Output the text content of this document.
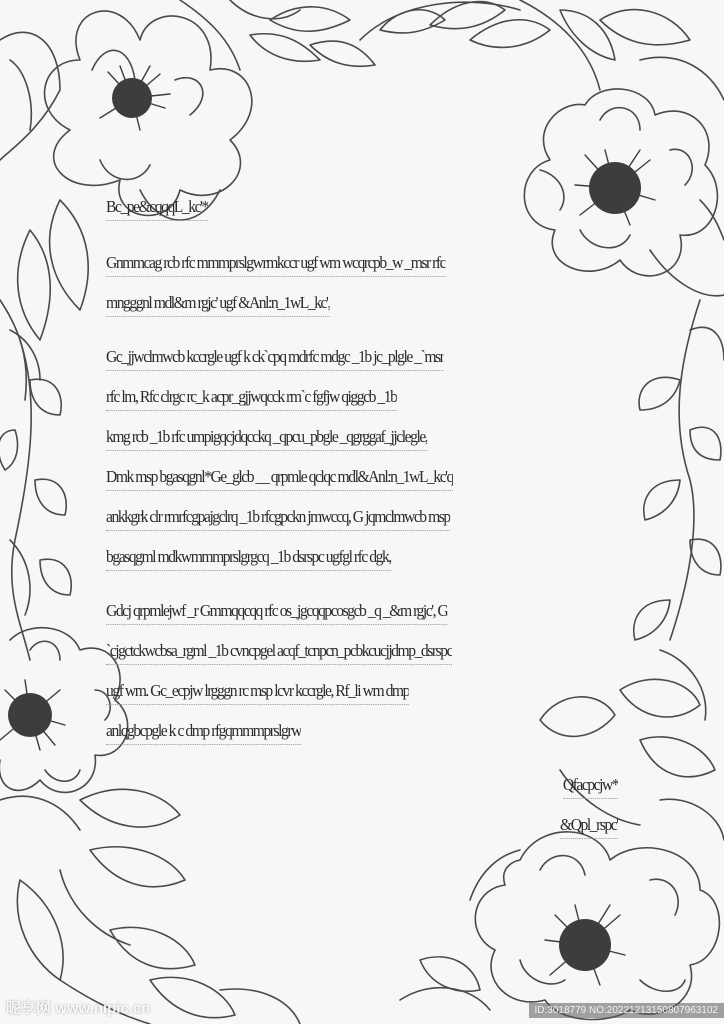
Bc_pe&cqqqL_kc'*
Gnmmcag rcb rfc mmmprslgwrmkccr ugf wm wcqrcpb_w _msr rfc
mngggnl mdl&m rgjc' ugf &Anl:n_1wL_kc',
Gc_jjwclmwcb kccrgle ugf k ck`cpq mdrfc mdgc _1b jc_plgle _`msr
rfc lm, Rfc clrgc rc_k acpr_gjjwqcck rm`c fgfjw qiggcb _1b
kmg rcb _1b rfc umpigqcjdqcckq _qpcu_pbgle _qgrggaf_jjclegle,
Dmk msp bgasqgnl*Ge_glcb __ qrpmle qclqc mdl&Anl:n_1wL_kc'q
ankkgrk clr rmrfcgpajgclrq _1b rfcgpckn jmwccq, G jqmclmwcb msp
bgasqgml mdkwmmmprslgrgcq _1b dsrspc ugfgl rfc dgk,
Gdcj qrpmlejwf _r Gmmqqcqq rfc os_jgcqqpcosgcb _q _&m rgjc', G
`cjgctckwcbsa_rgml _1b cvncpgel acqf_tcnpcn_pcbkcucjjdmp_dsrspc
ugf wm. Gc_ecpjw lrgggn rc msp lcvr kccrgle, Rf_li wm dmp
anlqgbcpgle k c dmp rfgqmmmprslgrw
Qfacpcjw*
&Qpl_rspc'
昵享网 www.nipic.cn	ID:3018779 NO:20221213150807963102
